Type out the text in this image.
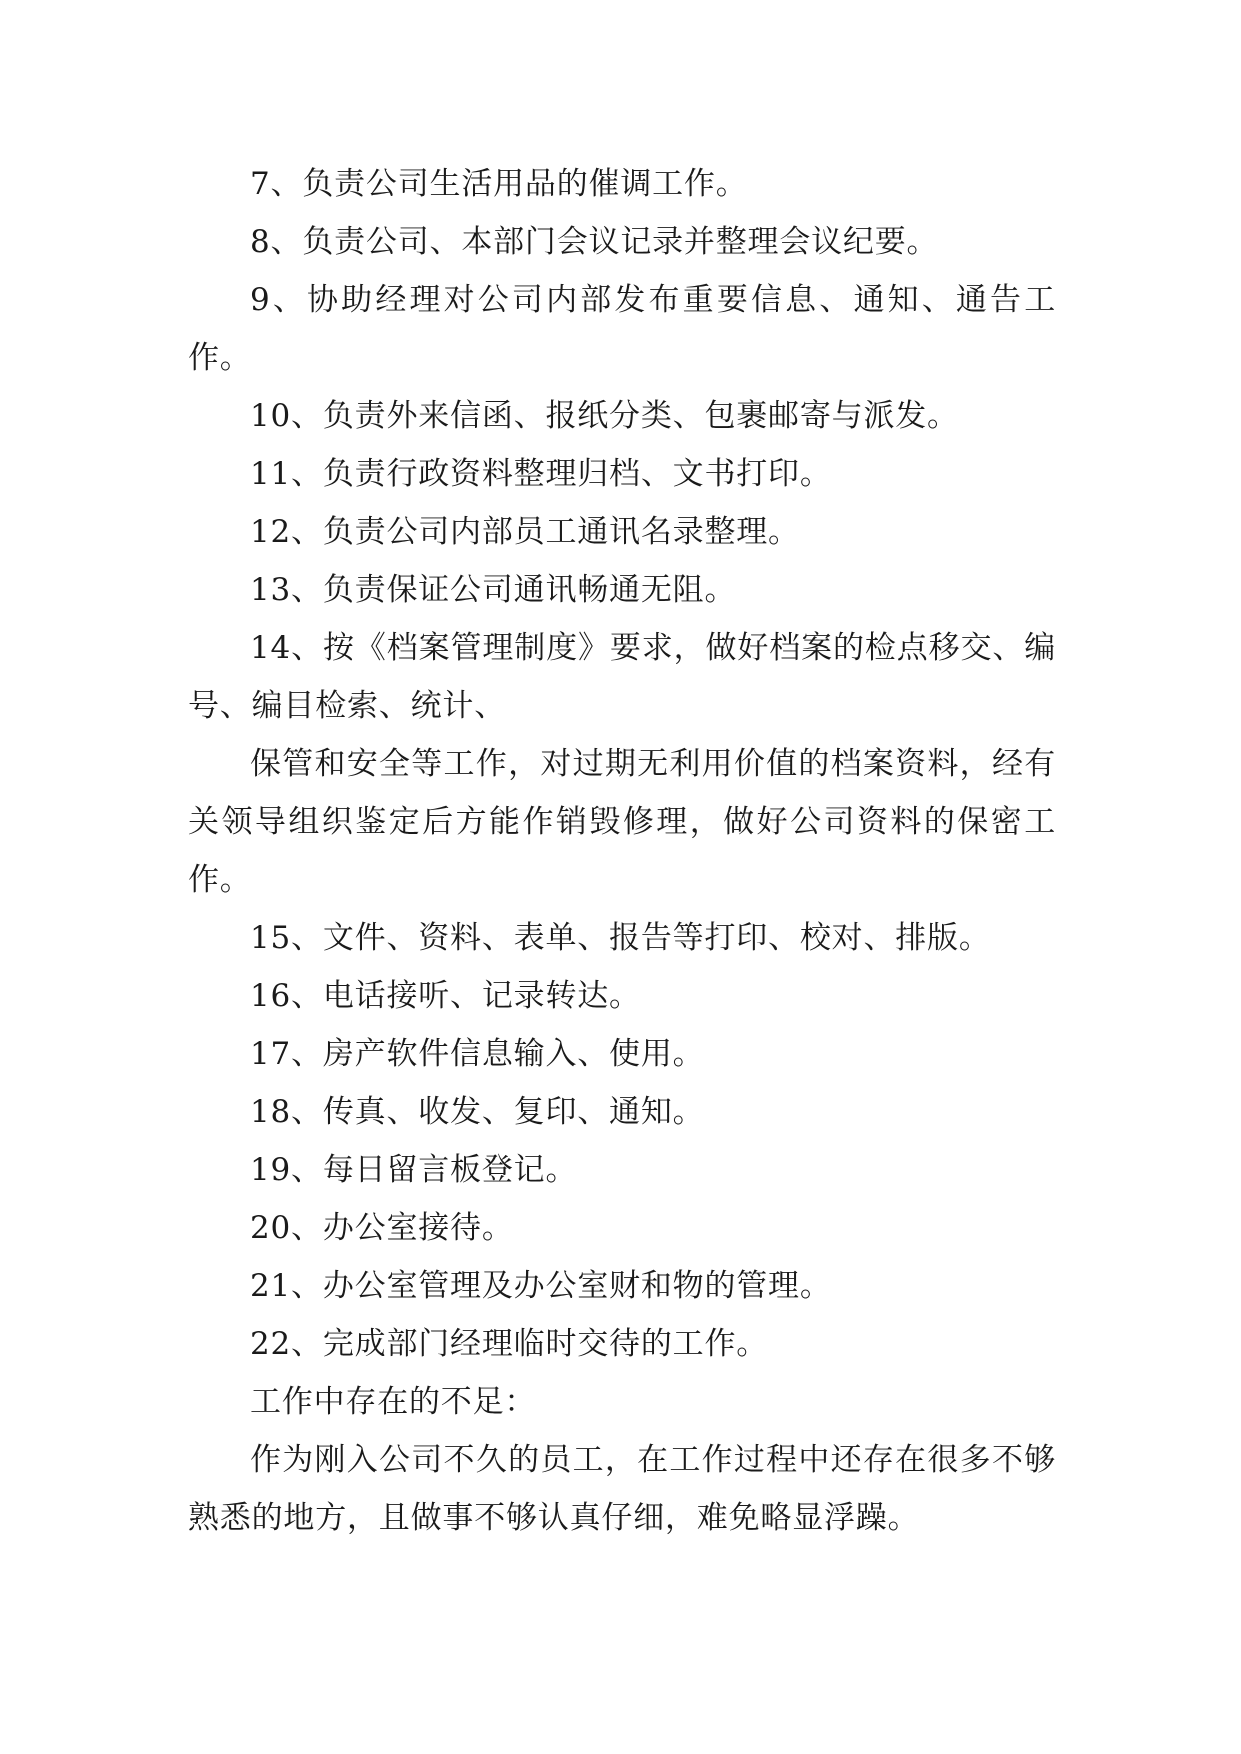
7、负责公司生活用品的催调工作。

8、负责公司、本部门会议记录并整理会议纪要。

9、协助经理对公司内部发布重要信息、通知、通告工作。

10、负责外来信函、报纸分类、包裹邮寄与派发。

11、负责行政资料整理归档、文书打印。

12、负责公司内部员工通讯名录整理。

13、负责保证公司通讯畅通无阻。

14、按《档案管理制度》要求，做好档案的检点移交、编号、编目检索、统计、

保管和安全等工作，对过期无利用价值的档案资料，经有关领导组织鉴定后方能作销毁修理，做好公司资料的保密工作。

15、文件、资料、表单、报告等打印、校对、排版。

16、电话接听、记录转达。

17、房产软件信息输入、使用。

18、传真、收发、复印、通知。

19、每日留言板登记。

20、办公室接待。

21、办公室管理及办公室财和物的管理。

22、完成部门经理临时交待的工作。

工作中存在的不足：

作为刚入公司不久的员工，在工作过程中还存在很多不够熟悉的地方，且做事不够认真仔细，难免略显浮躁。
